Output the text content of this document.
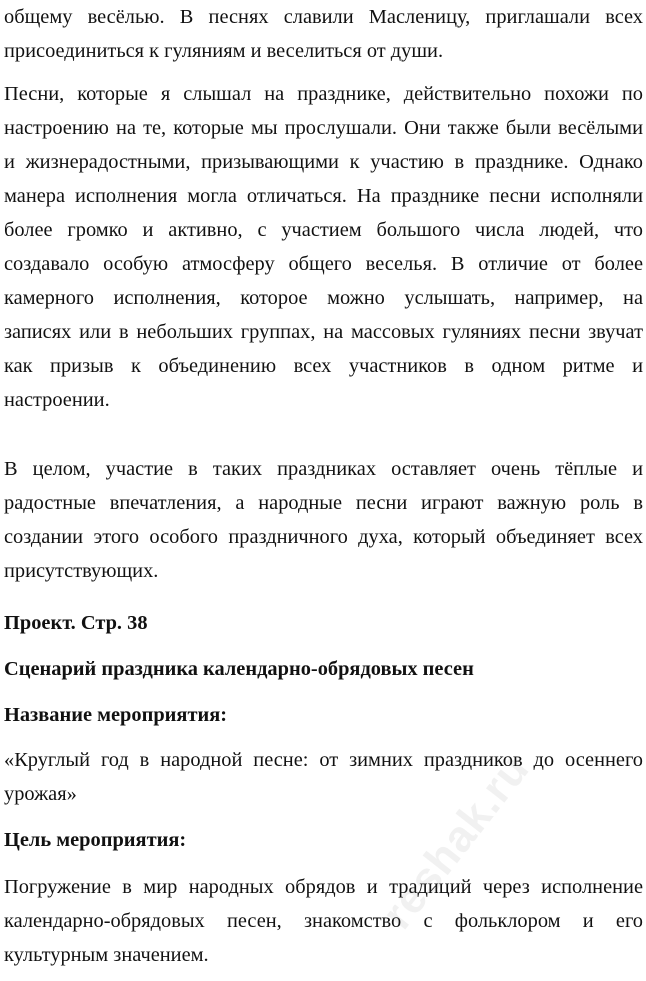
общему весёлью. В песнях славили Масленицу, приглашали всех
присоединиться к гуляниям и веселиться от души.
Песни, которые я слышал на празднике, действительно похожи по
настроению на те, которые мы прослушали. Они также были весёлыми
и жизнерадостными, призывающими к участию в празднике. Однако
манера исполнения могла отличаться. На празднике песни исполняли
более громко и активно, с участием большого числа людей, что
создавало особую атмосферу общего веселья. В отличие от более
камерного исполнения, которое можно услышать, например, на
записях или в небольших группах, на массовых гуляниях песни звучат
как призыв к объединению всех участников в одном ритме и
настроении.
В целом, участие в таких праздниках оставляет очень тёплые и
радостные впечатления, а народные песни играют важную роль в
создании этого особого праздничного духа, который объединяет всех
присутствующих.
Проект. Стр. 38
Сценарий праздника календарно-обрядовых песен
Название мероприятия:
«Круглый год в народной песне: от зимних праздников до осеннего
урожая»
Цель мероприятия:
Погружение в мир народных обрядов и традиций через исполнение
календарно-обрядовых песен, знакомство с фольклором и его
культурным значением.
reshak.ru
